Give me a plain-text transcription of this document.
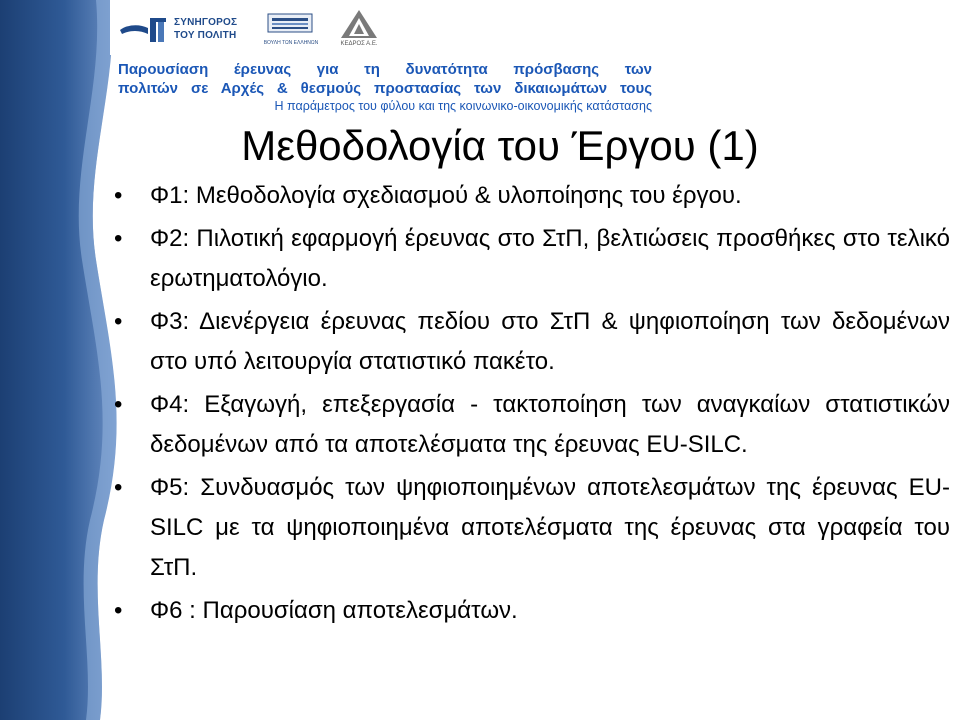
ΣΥΝΗΓΟΡΟΣ
ΤΟΥ ΠΟΛΙΤΗ
ΒΟΥΛΗ ΤΩΝ ΕΛΛΗΝΩΝ	ΚΕΔΡΟΣ Α.Ε.
Παρουσίαση έρευνας για τη δυνατότητα πρόσβασης των
πολιτών σε Αρχές & θεσμούς προστασίας των δικαιωμάτων τους
Η παράμετρος του φύλου και της κοινωνικο-οικονομικής κατάστασης
Μεθοδολογία του Έργου (1)
• Φ1: Μεθοδολογία σχεδιασμού & υλοποίησης του έργου.
• Φ2: Πιλοτική εφαρμογή έρευνας στο ΣτΠ, βελτιώσεις προσθήκες στο τελικό ερωτηματολόγιο.
• Φ3: Διενέργεια έρευνας πεδίου στο ΣτΠ & ψηφιοποίηση των δεδομένων στο υπό λειτουργία στατιστικό πακέτο.
• Φ4: Εξαγωγή, επεξεργασία - τακτοποίηση των αναγκαίων στατιστικών δεδομένων από τα αποτελέσματα της έρευνας EU-SILC.
• Φ5: Συνδυασμός των ψηφιοποιημένων αποτελεσμάτων της έρευνας EU-SILC με τα ψηφιοποιημένα αποτελέσματα της έρευνας στα γραφεία του ΣτΠ.
• Φ6 : Παρουσίαση αποτελεσμάτων.
